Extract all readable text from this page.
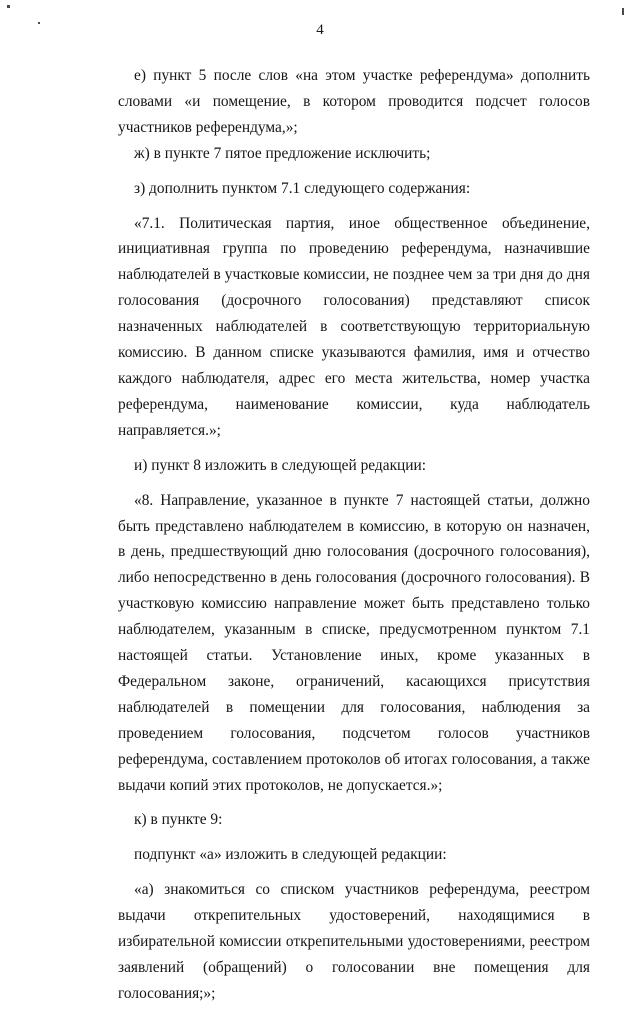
4

е) пункт 5 после слов «на этом участке референдума» дополнить словами «и помещение, в котором проводится подсчет голосов участников референдума,»;

ж) в пункте 7 пятое предложение исключить;

з) дополнить пунктом 7.1 следующего содержания:

«7.1. Политическая партия, иное общественное объединение, инициативная группа по проведению референдума, назначившие наблюдателей в участковые комиссии, не позднее чем за три дня до дня голосования (досрочного голосования) представляют список назначенных наблюдателей в соответствующую территориальную комиссию. В данном списке указываются фамилия, имя и отчество каждого наблюдателя, адрес его места жительства, номер участка референдума, наименование комиссии, куда наблюдатель направляется.»;

и) пункт 8 изложить в следующей редакции:

«8. Направление, указанное в пункте 7 настоящей статьи, должно быть представлено наблюдателем в комиссию, в которую он назначен, в день, предшествующий дню голосования (досрочного голосования), либо непосредственно в день голосования (досрочного голосования). В участковую комиссию направление может быть представлено только наблюдателем, указанным в списке, предусмотренном пунктом 7.1 настоящей статьи. Установление иных, кроме указанных в Федеральном законе, ограничений, касающихся присутствия наблюдателей в помещении для голосования, наблюдения за проведением голосования, подсчетом голосов участников референдума, составлением протоколов об итогах голосования, а также выдачи копий этих протоколов, не допускается.»;

к) в пункте 9:

подпункт «а» изложить в следующей редакции:

«а) знакомиться со списком участников референдума, реестром выдачи открепительных удостоверений, находящимися в избирательной комиссии открепительными удостоверениями, реестром заявлений (обращений) о голосовании вне помещения для голосования;»;
